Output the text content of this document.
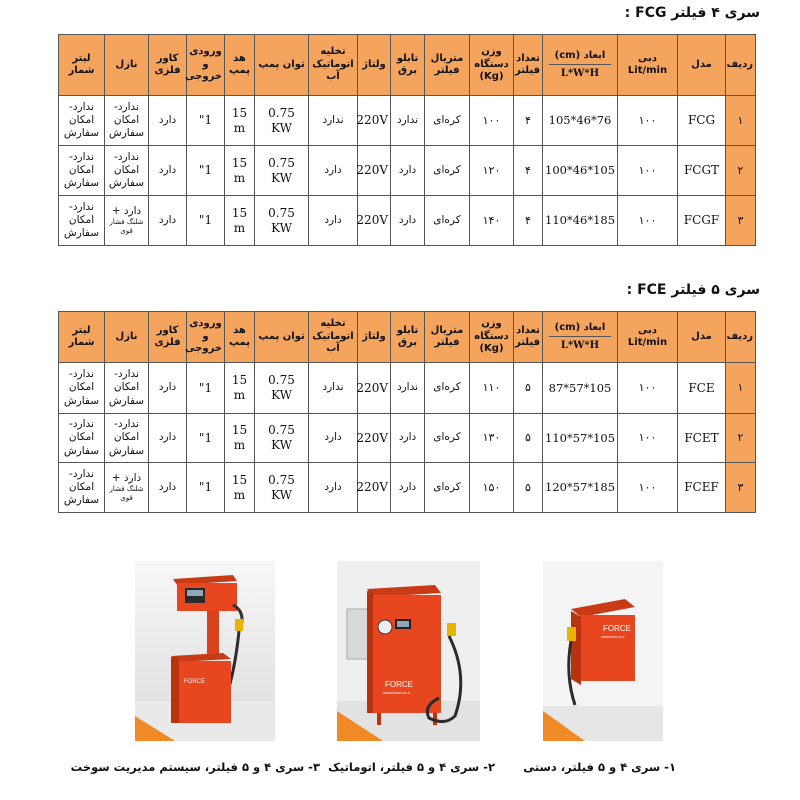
سری ۴ فیلتر FCG :
ردیف	مدل	دبی Lit/min	ابعاد (cm)
L*W*H	تعداد فیلتر	وزن دستگاه (Kg)	متریال فیلتر	تابلو برق	ولتاژ	تخلیه اتوماتیک آب	توان پمپ	هد پمپ	ورودی و خروجی	کاور فلزی	نازل	لیتر شمار
۱	FCG	۱۰۰	105*46*76	۴	۱۰۰	کره‌ای	ندارد	220V	ندارد	0.75 KW	15 m	1"	دارد	ندارد- امکان سفارش	ندارد- امکان سفارش
۲	FCGT	۱۰۰	100*46*105	۴	۱۲۰	کره‌ای	دارد	220V	دارد	0.75 KW	15 m	1"	دارد	ندارد- امکان سفارش	ندارد- امکان سفارش
۳	FCGF	۱۰۰	110*46*185	۴	۱۴۰	کره‌ای	دارد	220V	دارد	0.75 KW	15 m	1"	دارد	دارد +
شلنگ فشار قوی	ندارد- امکان سفارش
سری ۵ فیلتر FCE :
ردیف	مدل	دبی Lit/min	ابعاد (cm)
L*W*H	تعداد فیلتر	وزن دستگاه (Kg)	متریال فیلتر	تابلو برق	ولتاژ	تخلیه اتوماتیک آب	توان پمپ	هد پمپ	ورودی و خروجی	کاور فلزی	نازل	لیتر شمار
۱	FCE	۱۰۰	87*57*105	۵	۱۱۰	کره‌ای	ندارد	220V	ندارد	0.75 KW	15 m	1"	دارد	ندارد- امکان سفارش	ندارد- امکان سفارش
۲	FCET	۱۰۰	110*57*105	۵	۱۳۰	کره‌ای	دارد	220V	دارد	0.75 KW	15 m	1"	دارد	ندارد- امکان سفارش	ندارد- امکان سفارش
۳	FCEF	۱۰۰	120*57*185	۵	۱۵۰	کره‌ای	دارد	220V	دارد	0.75 KW	15 m	1"	دارد	دارد +
شلنگ فشار قوی	ندارد- امکان سفارش
FORCE	FORCE
www.force.co.ir
FORCE
www.force.co.ir
۳- سری ۴ و ۵ فیلتر، سیستم مدیریت سوخت ۲- سری ۴ و ۵ فیلتر، اتوماتیک ۱- سری ۴ و ۵ فیلتر، دستی
